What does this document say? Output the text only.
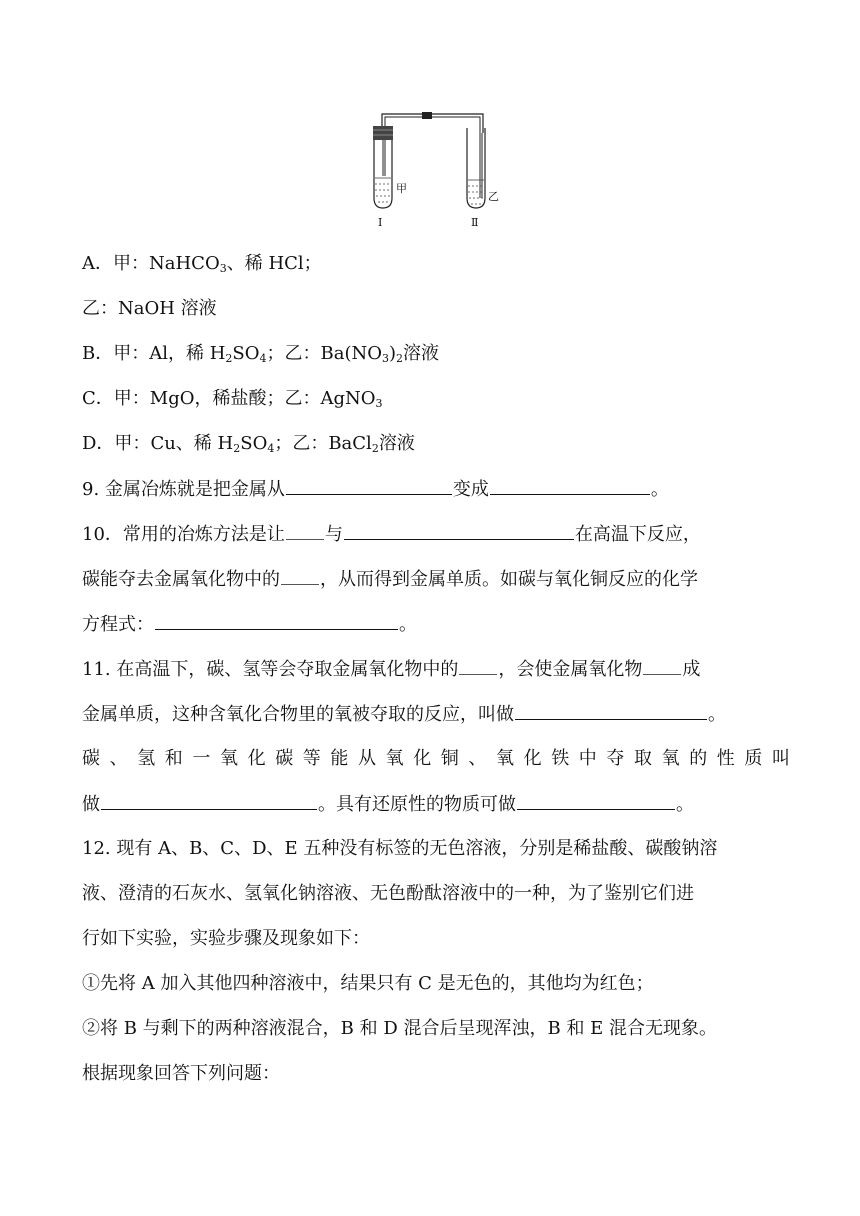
甲
Ⅰ
乙
Ⅱ
A．甲：NaHCO$_3$、稀 HCl；
乙：NaOH 溶液
B．甲：Al，稀 $H_2SO_4$；乙：$Ba(NO_3)_2$溶液
C．甲：MgO，稀盐酸；乙：AgNO$_3$
D．甲：Cu、稀 $H_2SO_4$；乙：BaCl$_2$溶液
9. 金属冶炼就是把金属从	变成	。
10．常用的冶炼方法是让 与	在高温下反应，
碳能夺去金属氧化物中的 ，从而得到金属单质。如碳与氧化铜反应的化学
方程式：	。
11. 在高温下，碳、氢等会夺取金属氧化物中的 ，会使金属氧化物 成
金属单质，这种含氧化合物里的氧被夺取的反应，叫做	。
碳 、 氢 和 一 氧 化 碳 等 能 从 氧 化 铜 、 氧 化 铁 中 夺 取 氧 的 性 质 叫
做	。具有还原性的物质可做	。
12. 现有 A、B、C、D、E 五种没有标签的无色溶液，分别是稀盐酸、碳酸钠溶
液、澄清的石灰水、氢氧化钠溶液、无色酚酞溶液中的一种，为了鉴别它们进
行如下实验，实验步骤及现象如下：
①先将 A 加入其他四种溶液中，结果只有 C 是无色的，其他均为红色；
②将 B 与剩下的两种溶液混合，B 和 D 混合后呈现浑浊，B 和 E 混合无现象。
根据现象回答下列问题：
